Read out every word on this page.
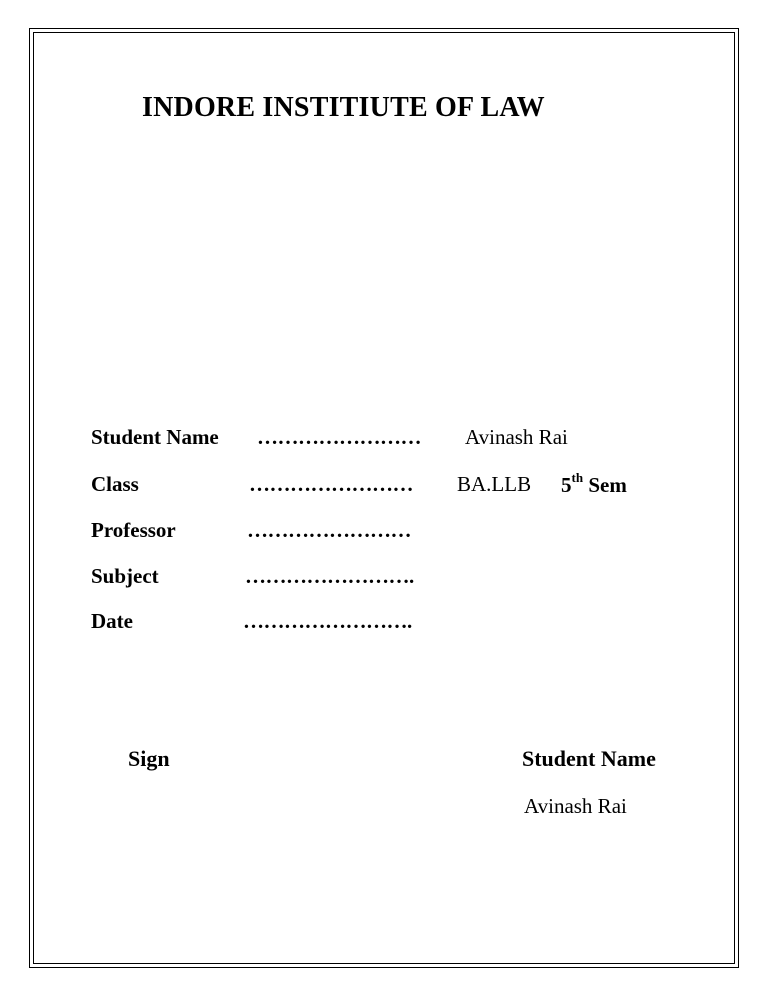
INDORE INSTITIUTE OF LAW
Student Name …………………… Avinash Rai
Class	…………………… BA.LLB 5th Sem
Professor	……………………
Subject	…………………….
Date	…………………….
Sign	Student Name
Avinash Rai
